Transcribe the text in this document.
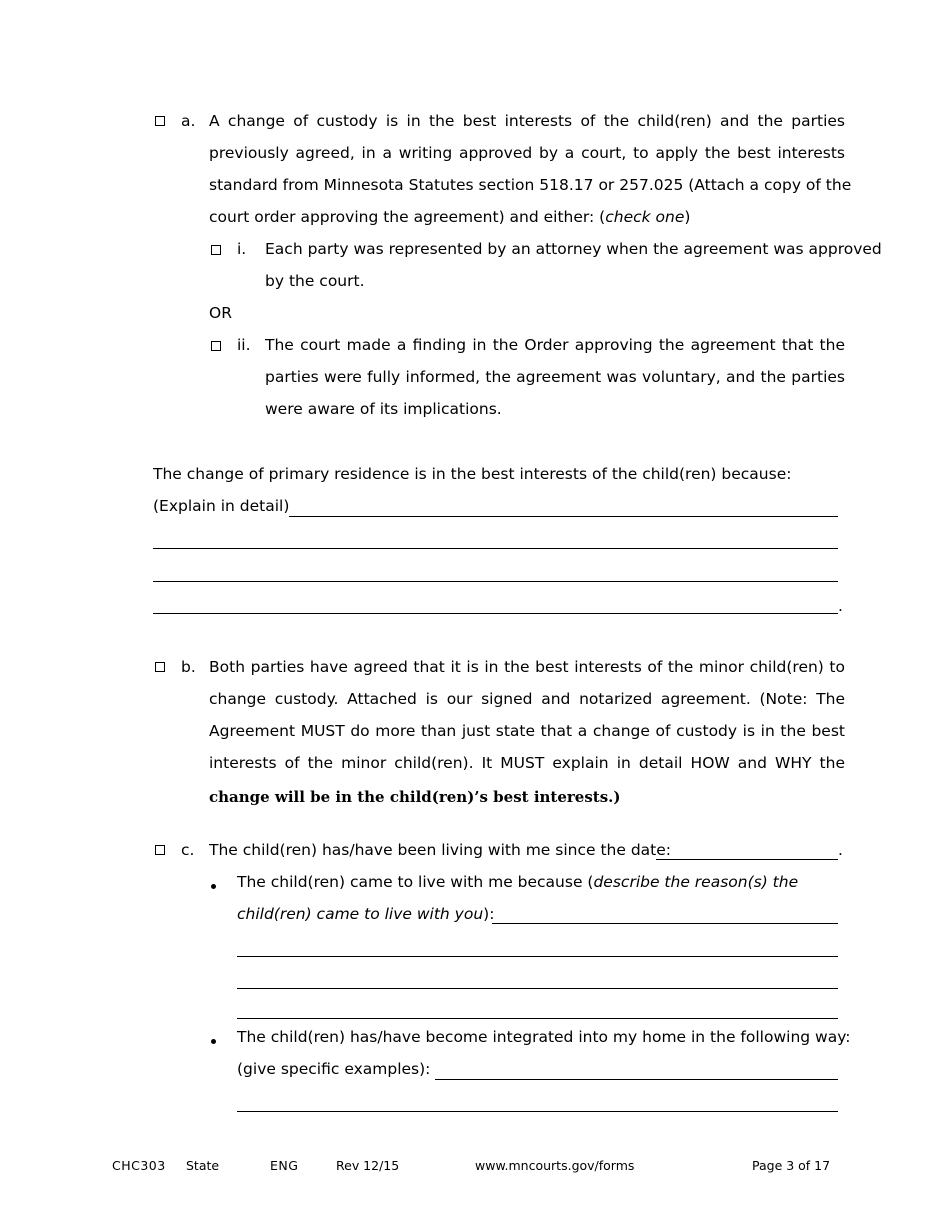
a. A change of custody is in the best interests of the child(ren) and the parties
previously agreed, in a writing approved by a court, to apply the best interests
standard from Minnesota Statutes section 518.17 or 257.025 (Attach a copy of the
court order approving the agreement) and either: (check one)
i. Each party was represented by an attorney when the agreement was approved
by the court.
OR
ii. The court made a finding in the Order approving the agreement that the
parties were fully informed, the agreement was voluntary, and the parties
were aware of its implications.
The change of primary residence is in the best interests of the child(ren) because:
(Explain in detail)
.
b. Both parties have agreed that it is in the best interests of the minor child(ren) to
change custody. Attached is our signed and notarized agreement. (Note: The
Agreement MUST do more than just state that a change of custody is in the best
interests of the minor child(ren). It MUST explain in detail HOW and WHY the
change will be in the child(ren)’s best interests.)
c. The child(ren) has/have been living with me since the date:	.
The child(ren) came to live with me because (describe the reason(s) the
child(ren) came to live with you):
The child(ren) has/have become integrated into my home in the following way:
(give specific examples):
CHC303 State	ENG	Rev 12/15	www.mncourts.gov/forms	Page 3 of 17
